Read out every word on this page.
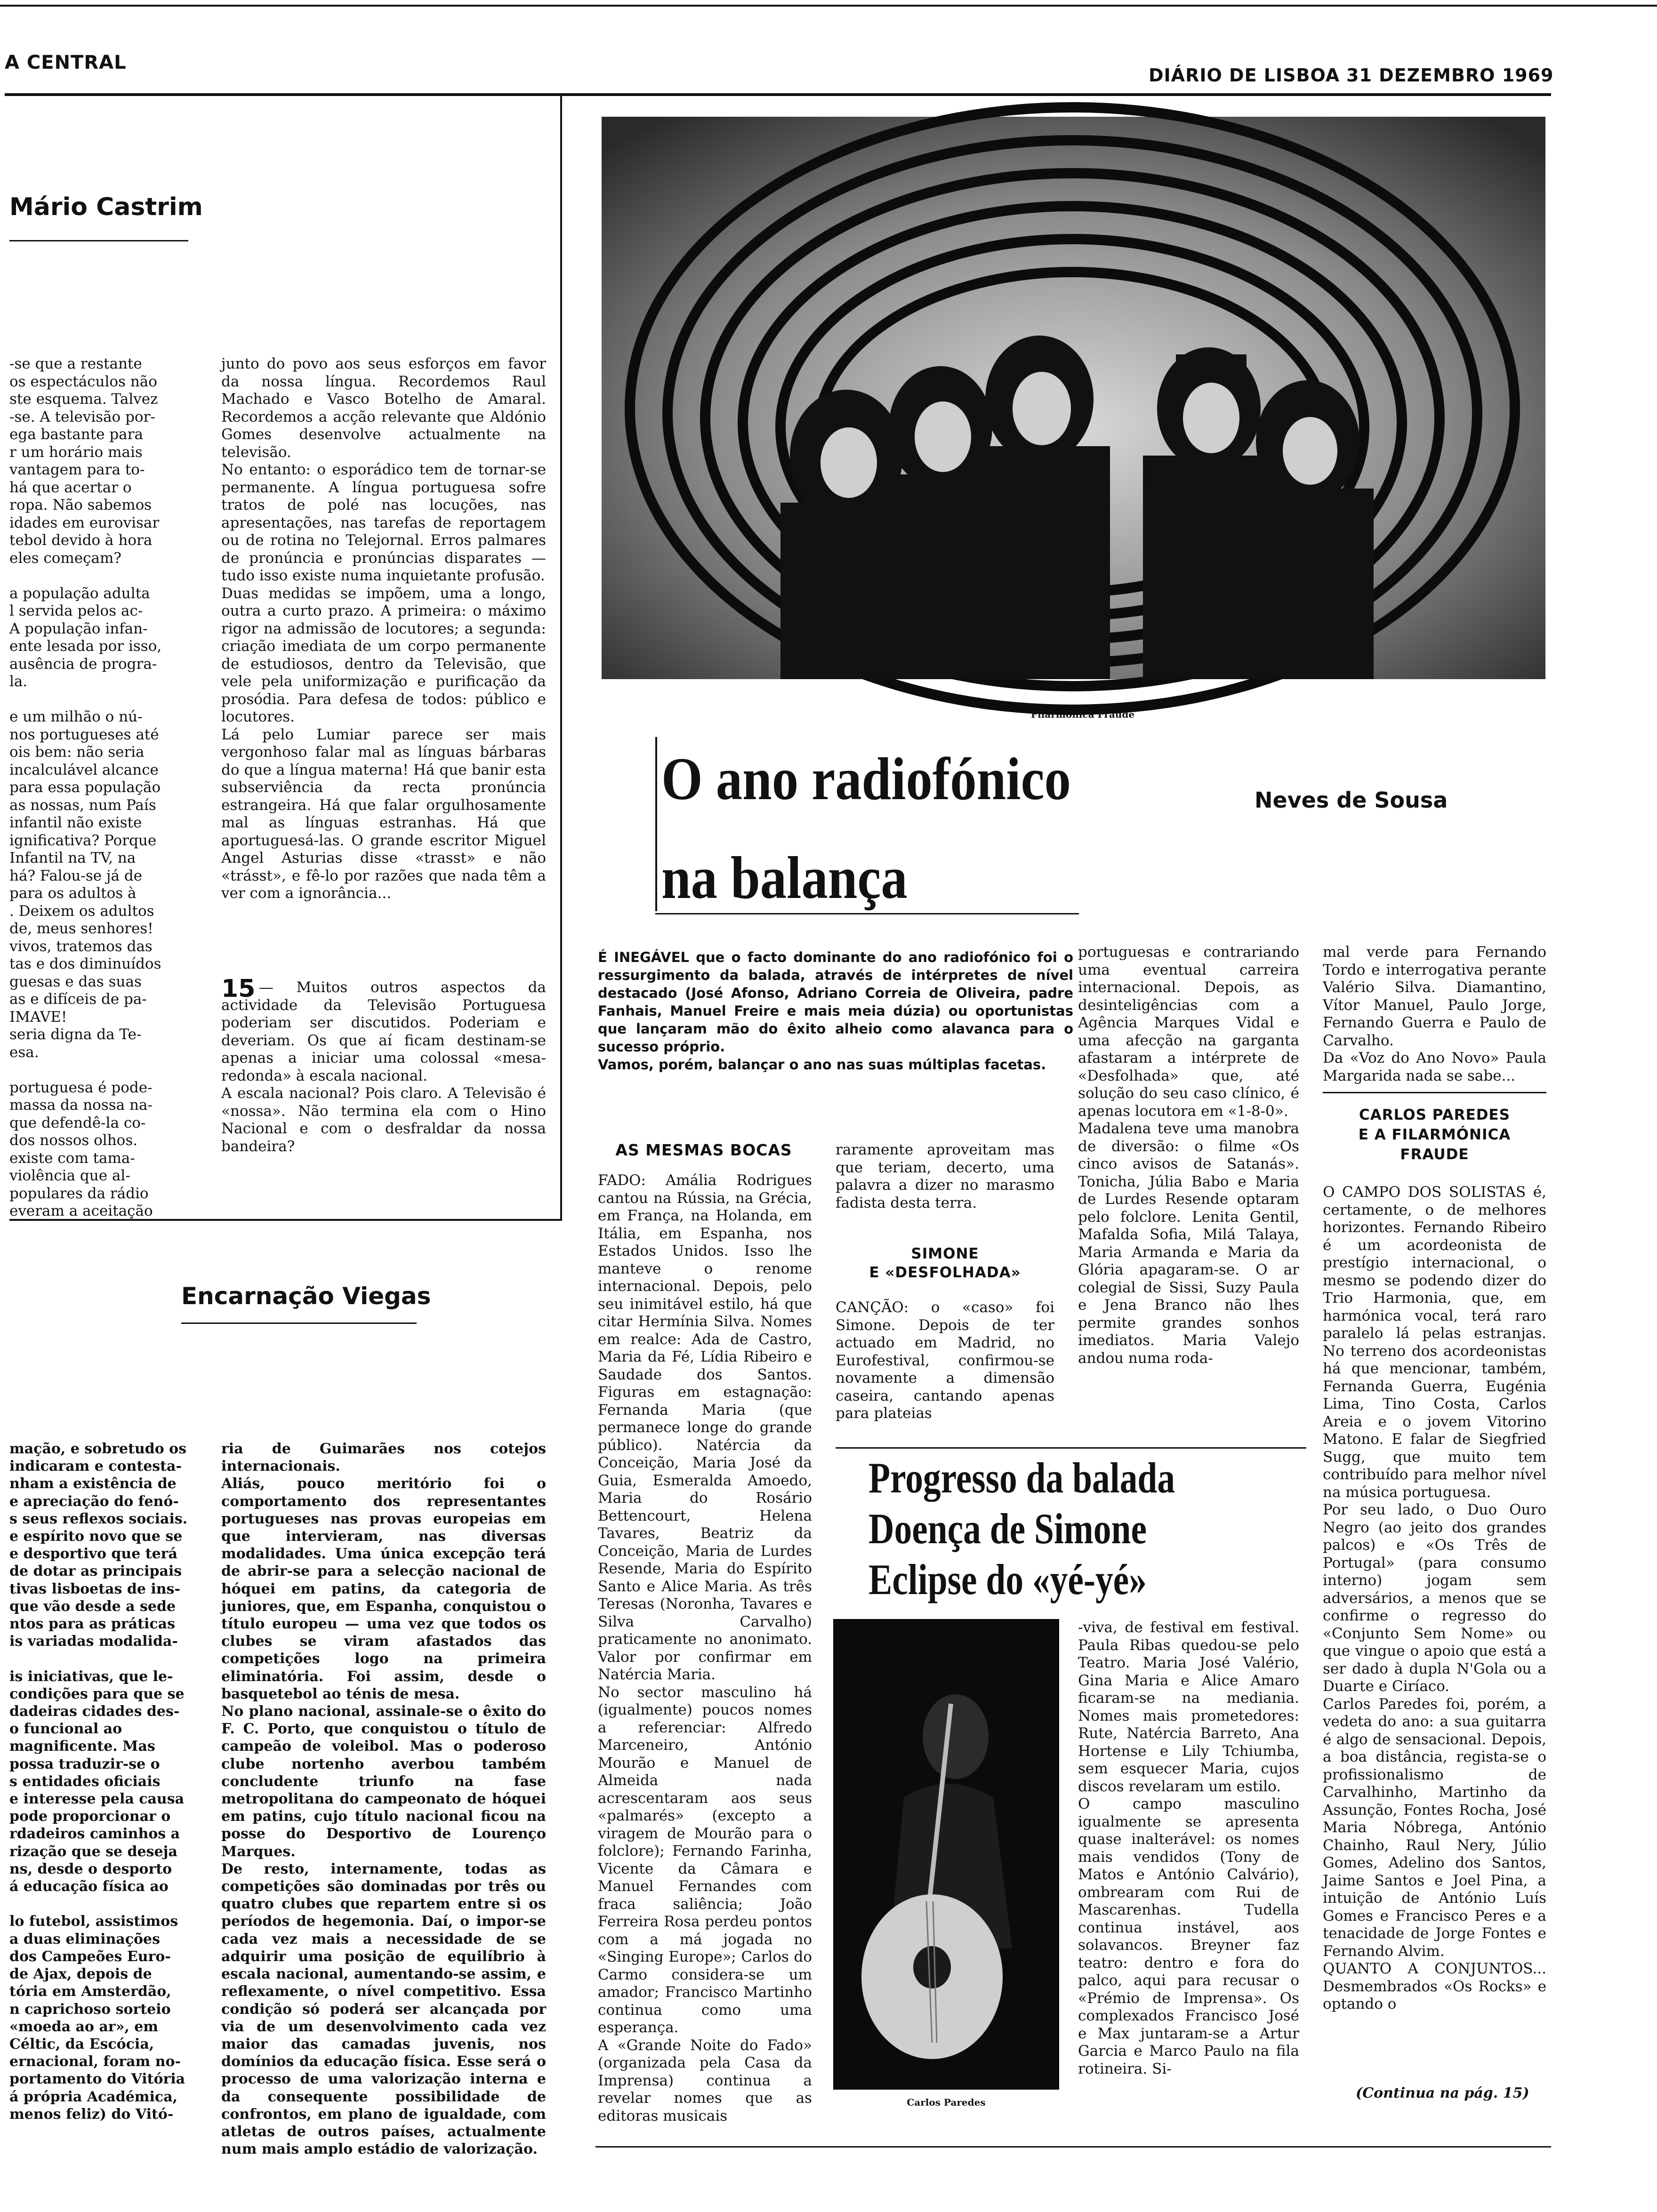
A CENTRAL
DIÁRIO DE LISBOA 31 DEZEMBRO 1969
Mário Castrim
-se que a restante
os espectáculos não
ste esquema. Talvez
-se. A televisão por-
ega bastante para
r um horário mais
vantagem para to-
há que acertar o
ropa. Não sabemos
idades em eurovisar
tebol devido à hora
eles começam?

a população adulta
l servida pelos ac-
A população infan-
ente lesada por isso,
ausência de progra-
la.

e um milhão o nú-
nos portugueses até
ois bem: não seria
incalculável alcance
para essa população
as nossas, num País
infantil não existe
ignificativa? Porque
Infantil na TV, na
há? Falou-se já de
para os adultos à
. Deixem os adultos
de, meus senhores!
vivos, tratemos das
tas e dos diminuídos
guesas e das suas
as e difíceis de pa-
IMAVE!
seria digna da Te-
esa.

portuguesa é pode-
massa da nossa na-
que defendê-la co-
dos nossos olhos.
existe com tama-
violência que al-
populares da rádio
everam a aceitação
junto do povo aos seus esforços em favor da nossa língua. Recordemos Raul Machado e Vasco Botelho de Amaral. Recordemos a acção relevante que Aldónio Gomes desenvolve actualmente na televisão.
No entanto: o esporádico tem de tornar-se permanente. A língua portuguesa sofre tratos de polé nas locuções, nas apresentações, nas tarefas de reportagem ou de rotina no Telejornal. Erros palmares de pronúncia e pronúncias disparates — tudo isso existe numa inquietante profusão.
Duas medidas se impõem, uma a longo, outra a curto prazo. A primeira: o máximo rigor na admissão de locutores; a segunda: criação imediata de um corpo permanente de estudiosos, dentro da Televisão, que vele pela uniformização e purificação da prosódia. Para defesa de todos: público e locutores.
Lá pelo Lumiar parece ser mais vergonhoso falar mal as línguas bárbaras do que a língua materna! Há que banir esta subserviência da recta pronúncia estrangeira. Há que falar orgulhosamente mal as línguas estranhas. Há que aportuguesá-las. O grande escritor Miguel Angel Asturias disse «trasst» e não «trásst», e fê-lo por razões que nada têm a ver com a ignorância...
15 — Muitos outros aspectos da actividade da Televisão Portuguesa poderiam ser discutidos. Poderiam e deveriam. Os que aí ficam destinam-se apenas a iniciar uma colossal «mesa-redonda» à escala nacional.
A escala nacional? Pois claro. A Televisão é «nossa». Não termina ela com o Hino Nacional e com o desfraldar da nossa bandeira?
Encarnação Viegas
mação, e sobretudo os
indicaram e contesta-
nham a existência de
e apreciação do fenó-
s seus reflexos sociais.
e espírito novo que se
e desportivo que terá
de dotar as principais
tivas lisboetas de ins-
que vão desde a sede
ntos para as práticas
is variadas modalida-

is iniciativas, que le-
condições para que se
dadeiras cidades des-
o funcional ao
magnificente. Mas
possa traduzir-se o
s entidades oficiais
e interesse pela causa
pode proporcionar o
rdadeiros caminhos a
rização que se deseja
ns, desde o desporto
á educação física ao

lo futebol, assistimos
a duas eliminações
dos Campeões Euro-
de Ajax, depois de
tória em Amsterdão,
n caprichoso sorteio
«moeda ao ar», em
Céltic, da Escócia,
ernacional, foram no-
portamento do Vitória
á própria Académica,
menos feliz) do Vitó-
ria de Guimarães nos cotejos internacionais.
Aliás, pouco meritório foi o comportamento dos representantes portugueses nas provas europeias em que intervieram, nas diversas modalidades. Uma única excepção terá de abrir-se para a selecção nacional de hóquei em patins, da categoria de juniores, que, em Espanha, conquistou o título europeu — uma vez que todos os clubes se viram afastados das competições logo na primeira eliminatória. Foi assim, desde o basquetebol ao ténis de mesa.
No plano nacional, assinale-se o êxito do F. C. Porto, que conquistou o título de campeão de voleibol. Mas o poderoso clube nortenho averbou também concludente triunfo na fase metropolitana do campeonato de hóquei em patins, cujo título nacional ficou na posse do Desportivo de Lourenço Marques.
De resto, internamente, todas as competições são dominadas por três ou quatro clubes que repartem entre si os períodos de hegemonia. Daí, o impor-se cada vez mais a necessidade de se adquirir uma posição de equilíbrio à escala nacional, aumentando-se assim, e reflexamente, o nível competitivo. Essa condição só poderá ser alcançada por via de um desenvolvimento cada vez maior das camadas juvenis, nos domínios da educação física. Esse será o processo de uma valorização interna e da consequente possibilidade de confrontos, em plano de igualdade, com atletas de outros países, actualmente num mais amplo estádio de valorização.
Filarmónica Fraude
O ano radiofónico
na balança
Neves de Sousa
É INEGÁVEL que o facto dominante do ano radiofónico foi o ressurgimento da balada, através de intérpretes de nível destacado (José Afonso, Adriano Correia de Oliveira, padre Fanhais, Manuel Freire e mais meia dúzia) ou oportunistas que lançaram mão do êxito alheio como alavanca para o sucesso próprio.
Vamos, porém, balançar o ano nas suas múltiplas facetas.
AS MESMAS BOCAS
FADO: Amália Rodrigues cantou na Rússia, na Grécia, em França, na Holanda, em Itália, em Espanha, nos Estados Unidos. Isso lhe manteve o renome internacional. Depois, pelo seu inimitável estilo, há que citar Hermínia Silva. Nomes em realce: Ada de Castro, Maria da Fé, Lídia Ribeiro e Saudade dos Santos. Figuras em estagnação: Fernanda Maria (que permanece longe do grande público). Natércia da Conceição, Maria José da Guia, Esmeralda Amoedo, Maria do Rosário Bettencourt, Helena Tavares, Beatriz da Conceição, Maria de Lurdes Resende, Maria do Espírito Santo e Alice Maria. As três Teresas (Noronha, Tavares e Silva Carvalho) praticamente no anonimato. Valor por confirmar em Natércia Maria.
No sector masculino há (igualmente) poucos nomes a referenciar: Alfredo Marceneiro, António Mourão e Manuel de Almeida nada acrescentaram aos seus «palmarés» (excepto a viragem de Mourão para o folclore); Fernando Farinha, Vicente da Câmara e Manuel Fernandes com fraca saliência; João Ferreira Rosa perdeu pontos com a má jogada no «Singing Europe»; Carlos do Carmo considera-se um amador; Francisco Martinho continua como uma esperança.
A «Grande Noite do Fado» (organizada pela Casa da Imprensa) continua a revelar nomes que as editoras musicais
raramente aproveitam mas que teriam, decerto, uma palavra a dizer no marasmo fadista desta terra.
SIMONE
E «DESFOLHADA»
CANÇÃO: o «caso» foi Simone. Depois de ter actuado em Madrid, no Eurofestival, confirmou-se novamente a dimensão caseira, cantando apenas para plateias
portuguesas e contrariando uma eventual carreira internacional. Depois, as desinteligências com a Agência Marques Vidal e uma afecção na garganta afastaram a intérprete de «Desfolhada» que, até solução do seu caso clínico, é apenas locutora em «1-8-0».
Madalena teve uma manobra de diversão: o filme «Os cinco avisos de Satanás». Tonicha, Júlia Babo e Maria de Lurdes Resende optaram pelo folclore. Lenita Gentil, Mafalda Sofia, Milá Talaya, Maria Armanda e Maria da Glória apagaram-se. O ar colegial de Sissi, Suzy Paula e Jena Branco não lhes permite grandes sonhos imediatos. Maria Valejo andou numa roda-
mal verde para Fernando Tordo e interrogativa perante Valério Silva. Diamantino, Vítor Manuel, Paulo Jorge, Fernando Guerra e Paulo de Carvalho.
Da «Voz do Ano Novo» Paula Margarida nada se sabe...
CARLOS PAREDES
E A FILARMÓNICA
FRAUDE
O CAMPO DOS SOLISTAS é, certamente, o de melhores horizontes. Fernando Ribeiro é um acordeonista de prestígio internacional, o mesmo se podendo dizer do Trio Harmonia, que, em harmónica vocal, terá raro paralelo lá pelas estranjas. No terreno dos acordeonistas há que mencionar, também, Fernanda Guerra, Eugénia Lima, Tino Costa, Carlos Areia e o jovem Vitorino Matono. E falar de Siegfried Sugg, que muito tem contribuído para melhor nível na música portuguesa.
Por seu lado, o Duo Ouro Negro (ao jeito dos grandes palcos) e «Os Três de Portugal» (para consumo interno) jogam sem adversários, a menos que se confirme o regresso do «Conjunto Sem Nome» ou que vingue o apoio que está a ser dado à dupla N'Gola ou a Duarte e Ciríaco.
Carlos Paredes foi, porém, a vedeta do ano: a sua guitarra é algo de sensacional. Depois, a boa distância, regista-se o profissionalismo de Carvalhinho, Martinho da Assunção, Fontes Rocha, José Maria Nóbrega, António Chainho, Raul Nery, Júlio Gomes, Adelino dos Santos, Jaime Santos e Joel Pina, a intuição de António Luís Gomes e Francisco Peres e a tenacidade de Jorge Fontes e Fernando Alvim.
QUANTO A CONJUNTOS... Desmembrados «Os Rocks» e optando o
(Continua na pág. 15)
Progresso da balada
Doença de Simone
Eclipse do «yé-yé»
Carlos Paredes
-viva, de festival em festival. Paula Ribas quedou-se pelo Teatro. Maria José Valério, Gina Maria e Alice Amaro ficaram-se na mediania. Nomes mais prometedores: Rute, Natércia Barreto, Ana Hortense e Lily Tchiumba, sem esquecer Maria, cujos discos revelaram um estilo.
O campo masculino igualmente se apresenta quase inalterável: os nomes mais vendidos (Tony de Matos e António Calvário), ombrearam com Rui de Mascarenhas. Tudella continua instável, aos solavancos. Breyner faz teatro: dentro e fora do palco, aqui para recusar o «Prémio de Imprensa». Os complexados Francisco José e Max juntaram-se a Artur Garcia e Marco Paulo na fila rotineira. Si-
